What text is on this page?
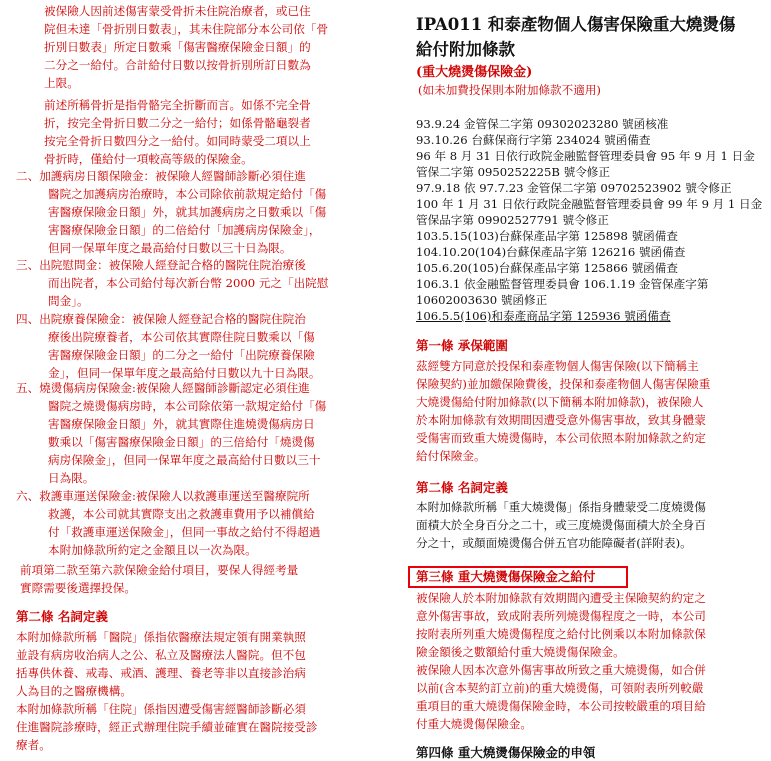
被保險人因前述傷害蒙受骨折未住院治療者，或已住
院但未達「骨折別日數表」，其未住院部分本公司依「骨
折別日數表」所定日數乘「傷害醫療保險金日額」的
二分之一給付。合計給付日數以按骨折別所訂日數為
上限。
前述所稱骨折是指骨骼完全折斷而言。如係不完全骨
折，按完全骨折日數二分之一給付；如係骨骼龜裂者
按完全骨折日數四分之一給付。如同時蒙受二項以上
骨折時，僅給付一項較高等級的保險金。
二、加護病房日額保險金：被保險人經醫師診斷必須住進
醫院之加護病房治療時，本公司除依前款規定給付「傷
害醫療保險金日額」外，就其加護病房之日數乘以「傷
害醫療保險金日額」的二倍給付「加護病房保險金」，
但同一保單年度之最高給付日數以三十日為限。
三、出院慰問金：被保險人經登記合格的醫院住院治療後
而出院者，本公司給付每次新台幣 2000 元之「出院慰
問金」。
四、出院療養保險金：被保險人經登記合格的醫院住院治
療後出院療養者，本公司依其實際住院日數乘以「傷
害醫療保險金日額」的二分之一給付「出院療養保險
金」，但同一保單年度之最高給付日數以九十日為限。
五、燒燙傷病房保險金:被保險人經醫師診斷認定必須住進
醫院之燒燙傷病房時，本公司除依第一款規定給付「傷
害醫療保險金日額」外，就其實際住進燒燙傷病房日
數乘以「傷害醫療保險金日額」的三倍給付「燒燙傷
病房保險金」，但同一保單年度之最高給付日數以三十
日為限。
六、救護車運送保險金:被保險人以救護車運送至醫療院所
救護，本公司就其實際支出之救護車費用予以補償給
付「救護車運送保險金」，但同一事故之給付不得超過
本附加條款所約定之金額且以一次為限。
前項第二款至第六款保險金給付項目，要保人得經考量
實際需要後選擇投保。
第二條 名詞定義
本附加條款所稱「醫院」係指依醫療法規定領有開業執照
並設有病房收治病人之公、私立及醫療法人醫院。但不包
括專供休養、戒毒、戒酒、護理、養老等非以直接診治病
人為目的之醫療機構。
本附加條款所稱「住院」係指因遭受傷害經醫師診斷必須
住進醫院診療時，經正式辦理住院手續並確實在醫院接受診
療者。
IPA011 和泰產物個人傷害保險重大燒燙傷
給付附加條款
(重大燒燙傷保險金)
(如未加費投保則本附加條款不適用)
93.9.24 金管保二字第 09302023280 號函核准
93.10.26 台蘇保商行字第 234024 號函備查
96 年 8 月 31 日依行政院金融監督管理委員會 95 年 9 月 1 日金
管保二字第 0950252225B 號令修正
97.9.18 依 97.7.23 金管保二字第 09702523902 號令修正
100 年 1 月 31 日依行政院金融監督管理委員會 99 年 9 月 1 日金
管保品字第 09902527791 號令修正
103.5.15(103)台蘇保產品字第 125898 號函備查
104.10.20(104)台蘇保產品字第 126216 號函備查
105.6.20(105)台蘇保產品字第 125866 號函備查
106.3.1 依金融監督管理委員會 106.1.19 金管保產字第
10602003630 號函修正
106.5.5(106)和泰產商品字第 125936 號函備查
第一條 承保範圍
茲經雙方同意於投保和泰產物個人傷害保險(以下簡稱主
保險契約)並加繳保險費後，投保和泰產物個人傷害保險重
大燒燙傷給付附加條款(以下簡稱本附加條款)，被保險人
於本附加條款有效期間因遭受意外傷害事故，致其身體蒙
受傷害而致重大燒燙傷時，本公司依照本附加條款之約定
給付保險金。
第二條 名詞定義
本附加條款所稱「重大燒燙傷」係指身體蒙受二度燒燙傷
面積大於全身百分之二十，或三度燒燙傷面積大於全身百
分之十，或顏面燒燙傷合併五官功能障礙者(詳附表)。
第三條 重大燒燙傷保險金之給付
被保險人於本附加條款有效期間內遭受主保險契約約定之
意外傷害事故，致成附表所列燒燙傷程度之一時，本公司
按附表所列重大燒燙傷程度之給付比例乘以本附加條款保
險金額後之數額給付重大燒燙傷保險金。
被保險人因本次意外傷害事故所致之重大燒燙傷，如合併
以前(含本契約訂立前)的重大燒燙傷，可領附表所列較嚴
重項目的重大燒燙傷保險金時，本公司按較嚴重的項目給
付重大燒燙傷保險金。
第四條 重大燒燙傷保險金的申領
